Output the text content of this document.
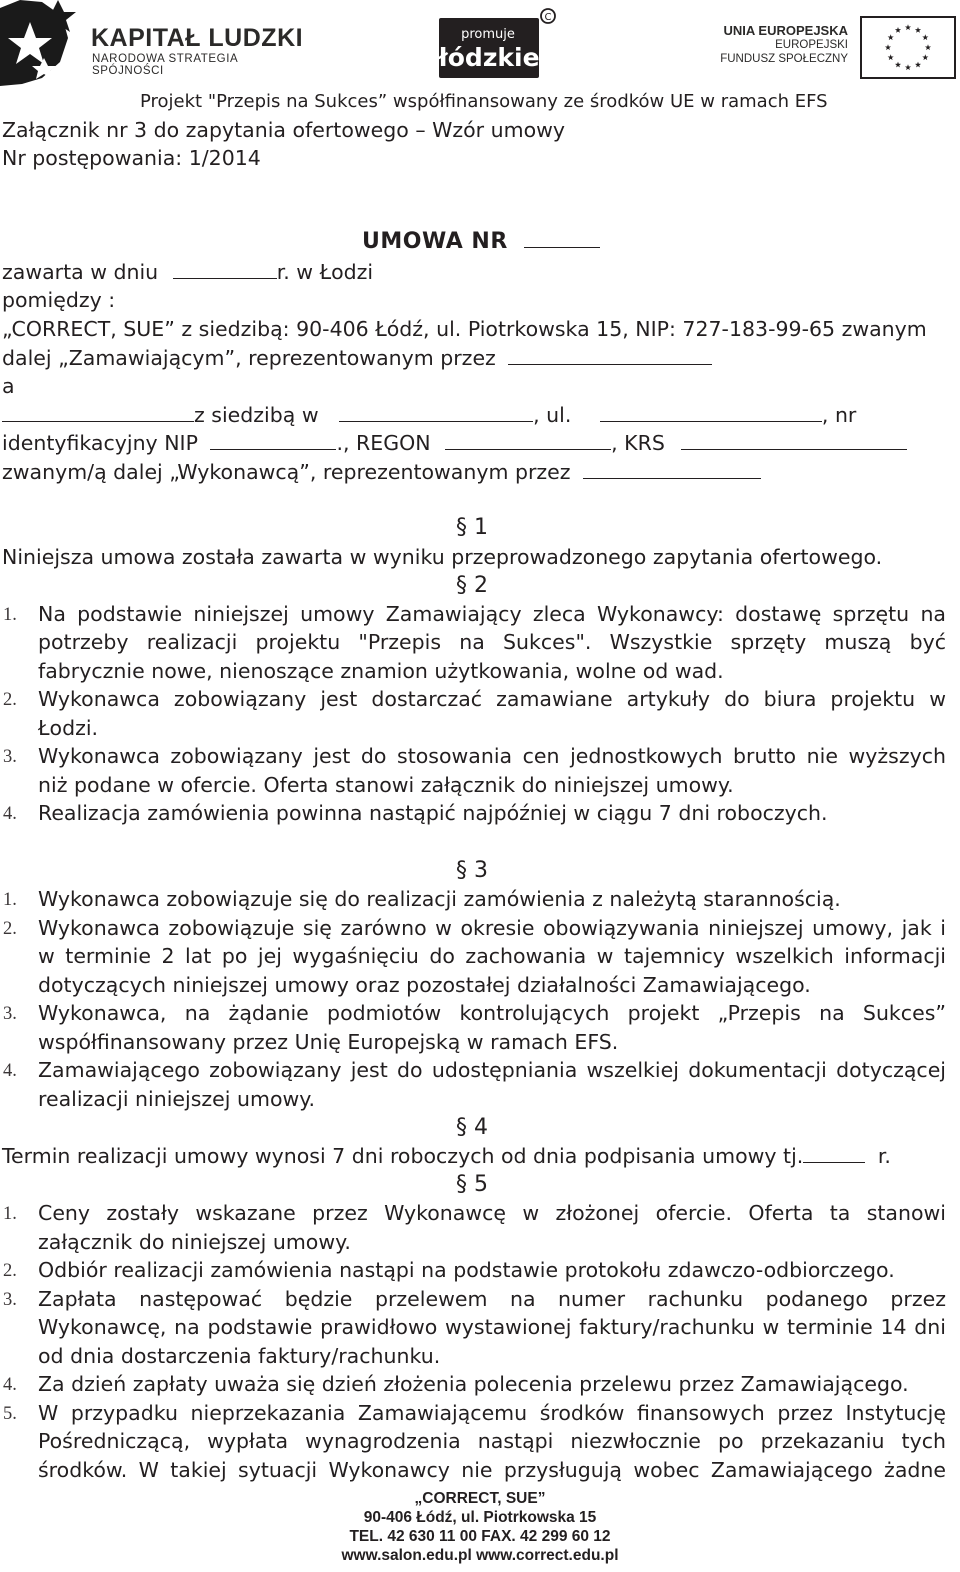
KAPITAŁ LUDZKI
NARODOWA STRATEGIA SPÓJNOŚCI
C
promuje
łódzkie
UNIA EUROPEJSKA
EUROPEJSKI
FUNDUSZ SPOŁECZNY
Projekt "Przepis na Sukces” współfinansowany ze środków UE w ramach EFS
Załącznik nr 3 do zapytania ofertowego – Wzór umowy
Nr postępowania: 1/2014
UMOWA NR
zawarta w dniu	r. w Łodzi
pomiędzy :
„CORRECT, SUE” z siedzibą: 90-406 Łódź, ul. Piotrkowska 15, NIP: 727-183-99-65 zwanym
dalej „Zamawiającym”, reprezentowanym przez
a
z siedzibą w	, ul.	, nr
identyfikacyjny NIP	., REGON	, KRS
zwanym/ą dalej „Wykonawcą”, reprezentowanym przez
§ 1
Niniejsza umowa została zawarta w wyniku przeprowadzonego zapytania ofertowego.
§ 2
1. Na podstawie niniejszej umowy Zamawiający zleca Wykonawcy: dostawę sprzętu na
potrzeby realizacji projektu "Przepis na Sukces". Wszystkie sprzęty muszą być
fabrycznie nowe, nienoszące znamion użytkowania, wolne od wad.
2. Wykonawca zobowiązany jest dostarczać zamawiane artykuły do biura projektu w
Łodzi.
3. Wykonawca zobowiązany jest do stosowania cen jednostkowych brutto nie wyższych
niż podane w ofercie. Oferta stanowi załącznik do niniejszej umowy.
4. Realizacja zamówienia powinna nastąpić najpóźniej w ciągu 7 dni roboczych.
§ 3
1. Wykonawca zobowiązuje się do realizacji zamówienia z należytą starannością.
2. Wykonawca zobowiązuje się zarówno w okresie obowiązywania niniejszej umowy, jak i
w terminie 2 lat po jej wygaśnięciu do zachowania w tajemnicy wszelkich informacji
dotyczących niniejszej umowy oraz pozostałej działalności Zamawiającego.
3. Wykonawca, na żądanie podmiotów kontrolujących projekt „Przepis na Sukces”
współfinansowany przez Unię Europejską w ramach EFS.
4. Zamawiającego zobowiązany jest do udostępniania wszelkiej dokumentacji dotyczącej
realizacji niniejszej umowy.
§ 4
Termin realizacji umowy wynosi 7 dni roboczych od dnia podpisania umowy tj.	r.
§ 5
1. Ceny zostały wskazane przez Wykonawcę w złożonej ofercie. Oferta ta stanowi
załącznik do niniejszej umowy.
2. Odbiór realizacji zamówienia nastąpi na podstawie protokołu zdawczo-odbiorczego.
3. Zapłata następować będzie przelewem na numer rachunku podanego przez
Wykonawcę, na podstawie prawidłowo wystawionej faktury/rachunku w terminie 14 dni
od dnia dostarczenia faktury/rachunku.
4. Za dzień zapłaty uważa się dzień złożenia polecenia przelewu przez Zamawiającego.
5. W przypadku nieprzekazania Zamawiającemu środków finansowych przez Instytucję
Pośredniczącą, wypłata wynagrodzenia nastąpi niezwłocznie po przekazaniu tych
środków. W takiej sytuacji Wykonawcy nie przysługują wobec Zamawiającego żadne
„CORRECT, SUE”
90-406 Łódź, ul. Piotrkowska 15
TEL. 42 630 11 00 FAX. 42 299 60 12
www.salon.edu.pl www.correct.edu.pl
